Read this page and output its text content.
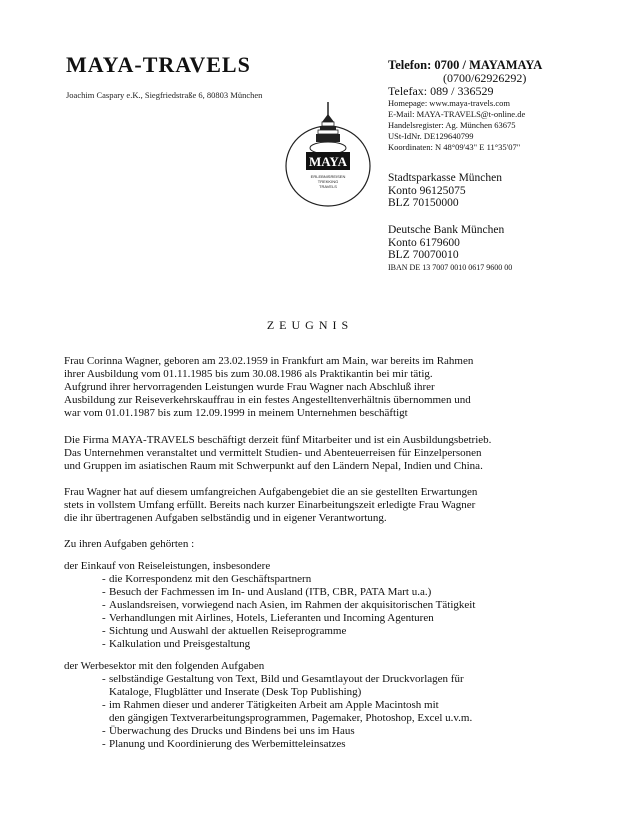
MAYA-TRAVELS
Joachim Caspary e.K., Siegfriedstraße 6, 80803 München
MAYA
ERLEBNISREISEN
TREKKING
TRAVELS
Telefon: 0700 / MAYAMAYA
(0700/62926292)
Telefax: 089 / 336529
Homepage: www.maya-travels.com
E-Mail: MAYA-TRAVELS@t-online.de
Handelsregister: Ag. München 63675
USt-IdNr. DE129640799
Koordinaten: N 48°09'43" E 11°35'07"
Stadtsparkasse München
Konto 96125075
BLZ 70150000
Deutsche Bank München
Konto 6179600
BLZ 70070010
IBAN DE 13 7007 0010 0617 9600 00
ZEUGNIS

Frau Corinna Wagner, geboren am 23.02.1959 in Frankfurt am Main, war bereits im Rahmen

ihrer Ausbildung vom 01.11.1985 bis zum 30.08.1986 als Praktikantin bei mir tätig.

Aufgrund ihrer hervorragenden Leistungen wurde Frau Wagner nach Abschluß ihrer

Ausbildung zur Reiseverkehrskauffrau in ein festes Angestelltenverhältnis übernommen und

war vom 01.01.1987 bis zum 12.09.1999 in meinem Unternehmen beschäftigt

Die Firma MAYA-TRAVELS beschäftigt derzeit fünf Mitarbeiter und ist ein Ausbildungsbetrieb.

Das Unternehmen veranstaltet und vermittelt Studien- und Abenteuerreisen für Einzelpersonen

und Gruppen im asiatischen Raum mit Schwerpunkt auf den Ländern Nepal, Indien und China.

Frau Wagner hat auf diesem umfangreichen Aufgabengebiet die an sie gestellten Erwartungen

stets in vollstem Umfang erfüllt. Bereits nach kurzer Einarbeitungszeit erledigte Frau Wagner

die ihr übertragenen Aufgaben selbständig und in eigener Verantwortung.

Zu ihren Aufgaben gehörten :

der Einkauf von Reiseleistungen, insbesondere

- die Korrespondenz mit den Geschäftspartnern
- Besuch der Fachmessen im In- und Ausland (ITB, CBR, PATA Mart u.a.)
- Auslandsreisen, vorwiegend nach Asien, im Rahmen der akquisitorischen Tätigkeit
- Verhandlungen mit Airlines, Hotels, Lieferanten und Incoming Agenturen
- Sichtung und Auswahl der aktuellen Reiseprogramme
- Kalkulation und Preisgestaltung

der Werbesektor mit den folgenden Aufgaben

- selbständige Gestaltung von Text, Bild und Gesamtlayout der Druckvorlagen für
Kataloge, Flugblätter und Inserate (Desk Top Publishing)
- im Rahmen dieser und anderer Tätigkeiten Arbeit am Apple Macintosh mit
den gängigen Textverarbeitungsprogrammen, Pagemaker, Photoshop, Excel u.v.m.
- Überwachung des Drucks und Bindens bei uns im Haus
- Planung und Koordinierung des Werbemitteleinsatzes
